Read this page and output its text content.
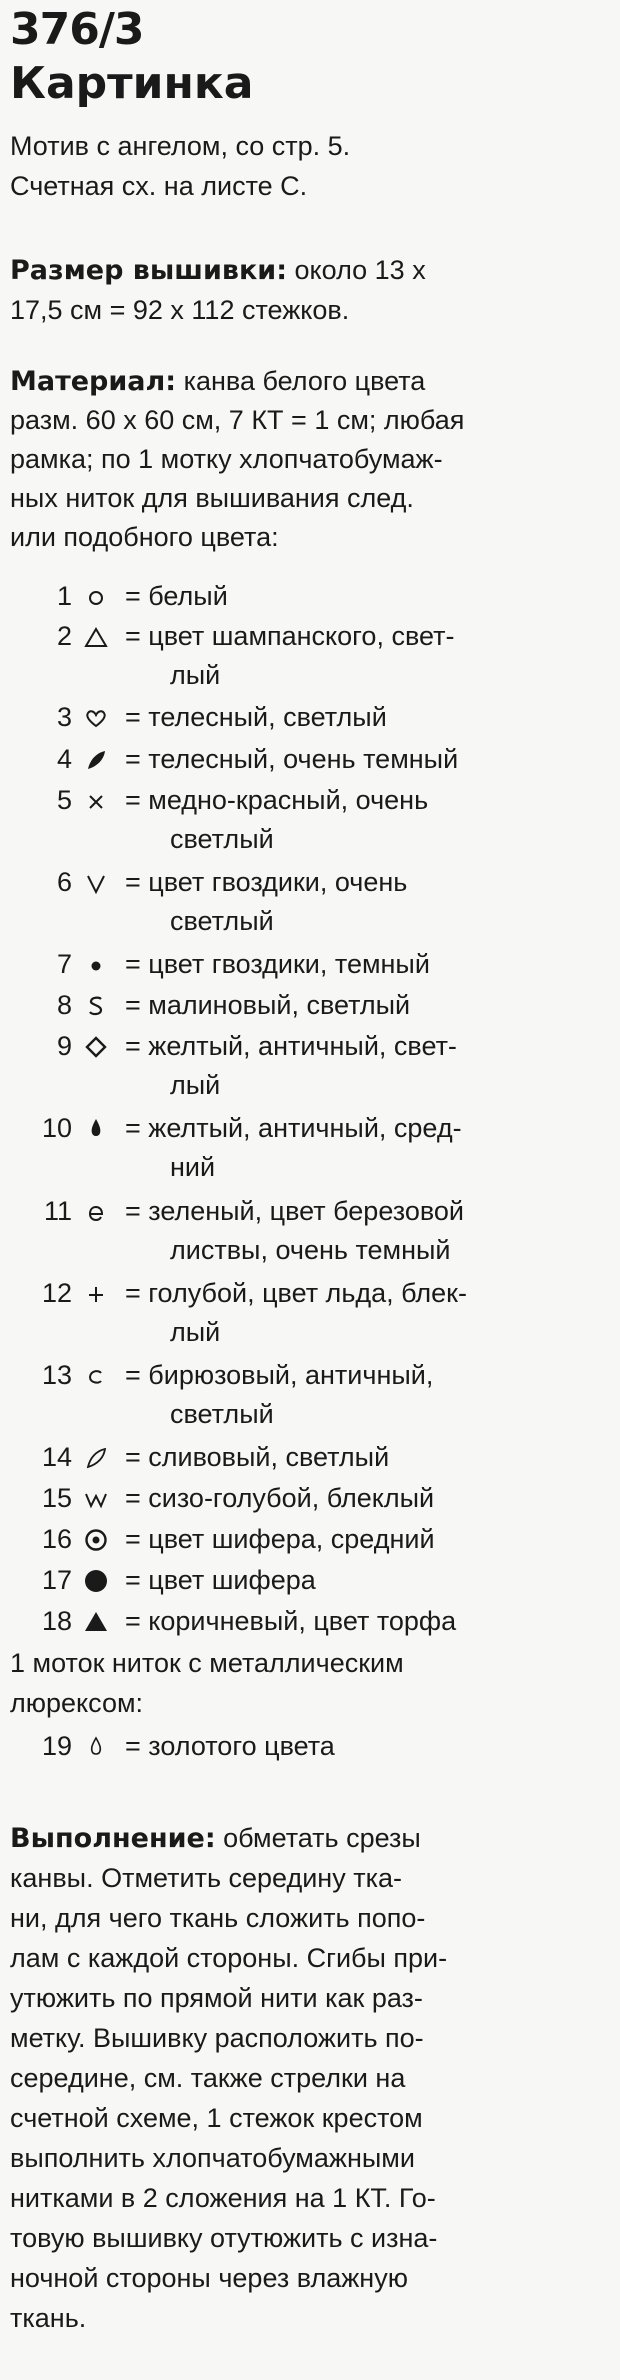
376/3
Картинка
Мотив с ангелом, со стр. 5.
Счетная сх. на листе С.
Размер вышивки: около 13 х
17,5 см = 92 х 112 стежков.
Материал: канва белого цвета
разм. 60 х 60 см, 7 КТ = 1 см; любая
рамка; по 1 мотку хлопчатобумаж-
ных ниток для вышивания след.
или подобного цвета:
1 = белый
2 = цвет шампанского, свет-
лый
3 = телесный, светлый
4 = телесный, очень темный
5 = медно-красный, очень
светлый
6 = цвет гвоздики, очень
светлый
7 = цвет гвоздики, темный
8 = малиновый, светлый
9 = желтый, античный, свет-
лый
10 = желтый, античный, сред-
ний
11 = зеленый, цвет березовой
листвы, очень темный
12 = голубой, цвет льда, блек-
лый
13 = бирюзовый, античный,
светлый
14 = сливовый, светлый
15 = сизо-голубой, блеклый
16 = цвет шифера, средний
17 = цвет шифера
18 = коричневый, цвет торфа
1 моток ниток с металлическим
люрексом:
19 = золотого цвета
Выполнение: обметать срезы
канвы. Отметить середину тка-
ни, для чего ткань сложить попо-
лам с каждой стороны. Сгибы при-
утюжить по прямой нити как раз-
метку. Вышивку расположить по-
середине, см. также стрелки на
счетной схеме, 1 стежок крестом
выполнить хлопчатобумажными
нитками в 2 сложения на 1 КТ. Го-
товую вышивку отутюжить с изна-
ночной стороны через влажную
ткань.
